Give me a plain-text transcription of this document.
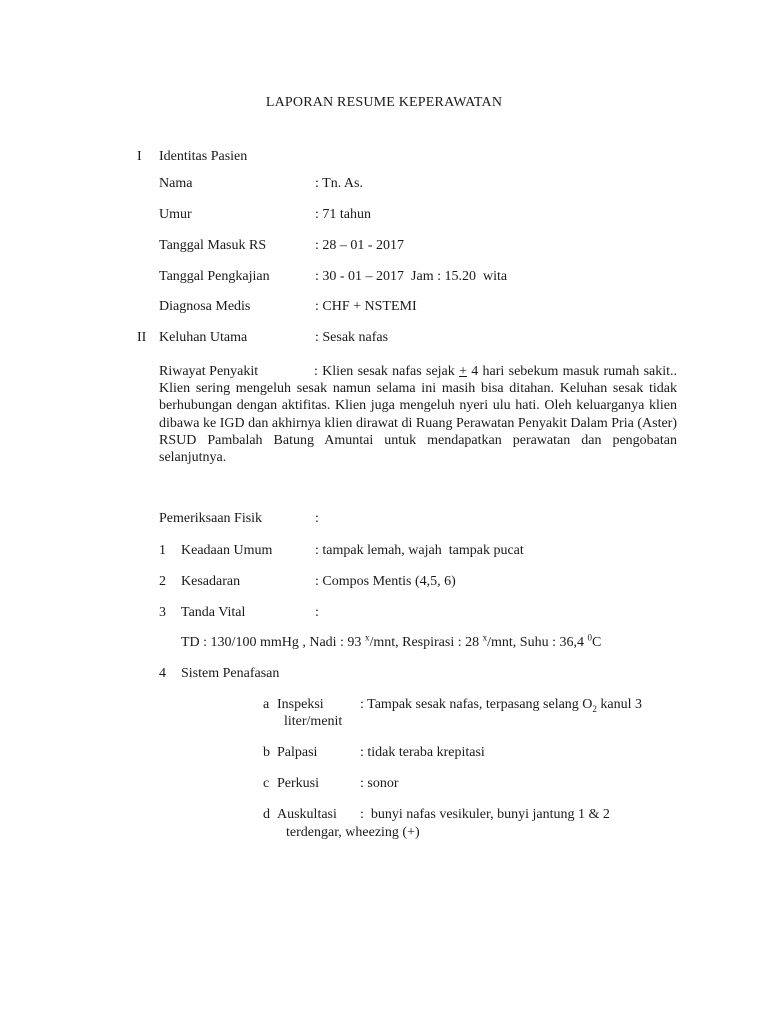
LAPORAN RESUME KEPERAWATAN
I Identitas Pasien
Nama	: Tn. As.
Umur	: 71 tahun
Tanggal Masuk RS	: 28 – 01 - 2017
Tanggal Pengkajian	: 30 - 01 – 2017  Jam : 15.20  wita
Diagnosa Medis	: CHF + NSTEMI
II Keluhan Utama	: Sesak nafas
Riwayat Penyakit	: Klien sesak nafas sejak + 4 hari sebekum masuk rumah sakit.. Klien sering mengeluh sesak namun selama ini masih bisa ditahan. Keluhan sesak tidak berhubungan dengan aktifitas. Klien juga mengeluh nyeri ulu hati. Oleh keluarganya klien dibawa ke IGD dan akhirnya klien dirawat di Ruang Perawatan Penyakit Dalam Pria (Aster) RSUD Pambalah Batung Amuntai untuk mendapatkan perawatan dan pengobatan selanjutnya.
Pemeriksaan Fisik	:
1 Keadaan Umum	: tampak lemah, wajah  tampak pucat
2 Kesadaran	: Compos Mentis (4,5, 6)
3 Tanda Vital	:
TD : 130/100 mmHg , Nadi : 93 $^x$/mnt, Respirasi : 28 $^x$/mnt, Suhu : 36,4 $^0$C
4 Sistem Penafasan
a Inspeksi	: Tampak sesak nafas, terpasang selang $O_2$ kanul 3
liter/menit
b Palpasi	: tidak teraba krepitasi
c Perkusi	: sonor
d Auskultasi :  bunyi nafas vesikuler, bunyi jantung 1 & 2
terdengar, wheezing (+)
